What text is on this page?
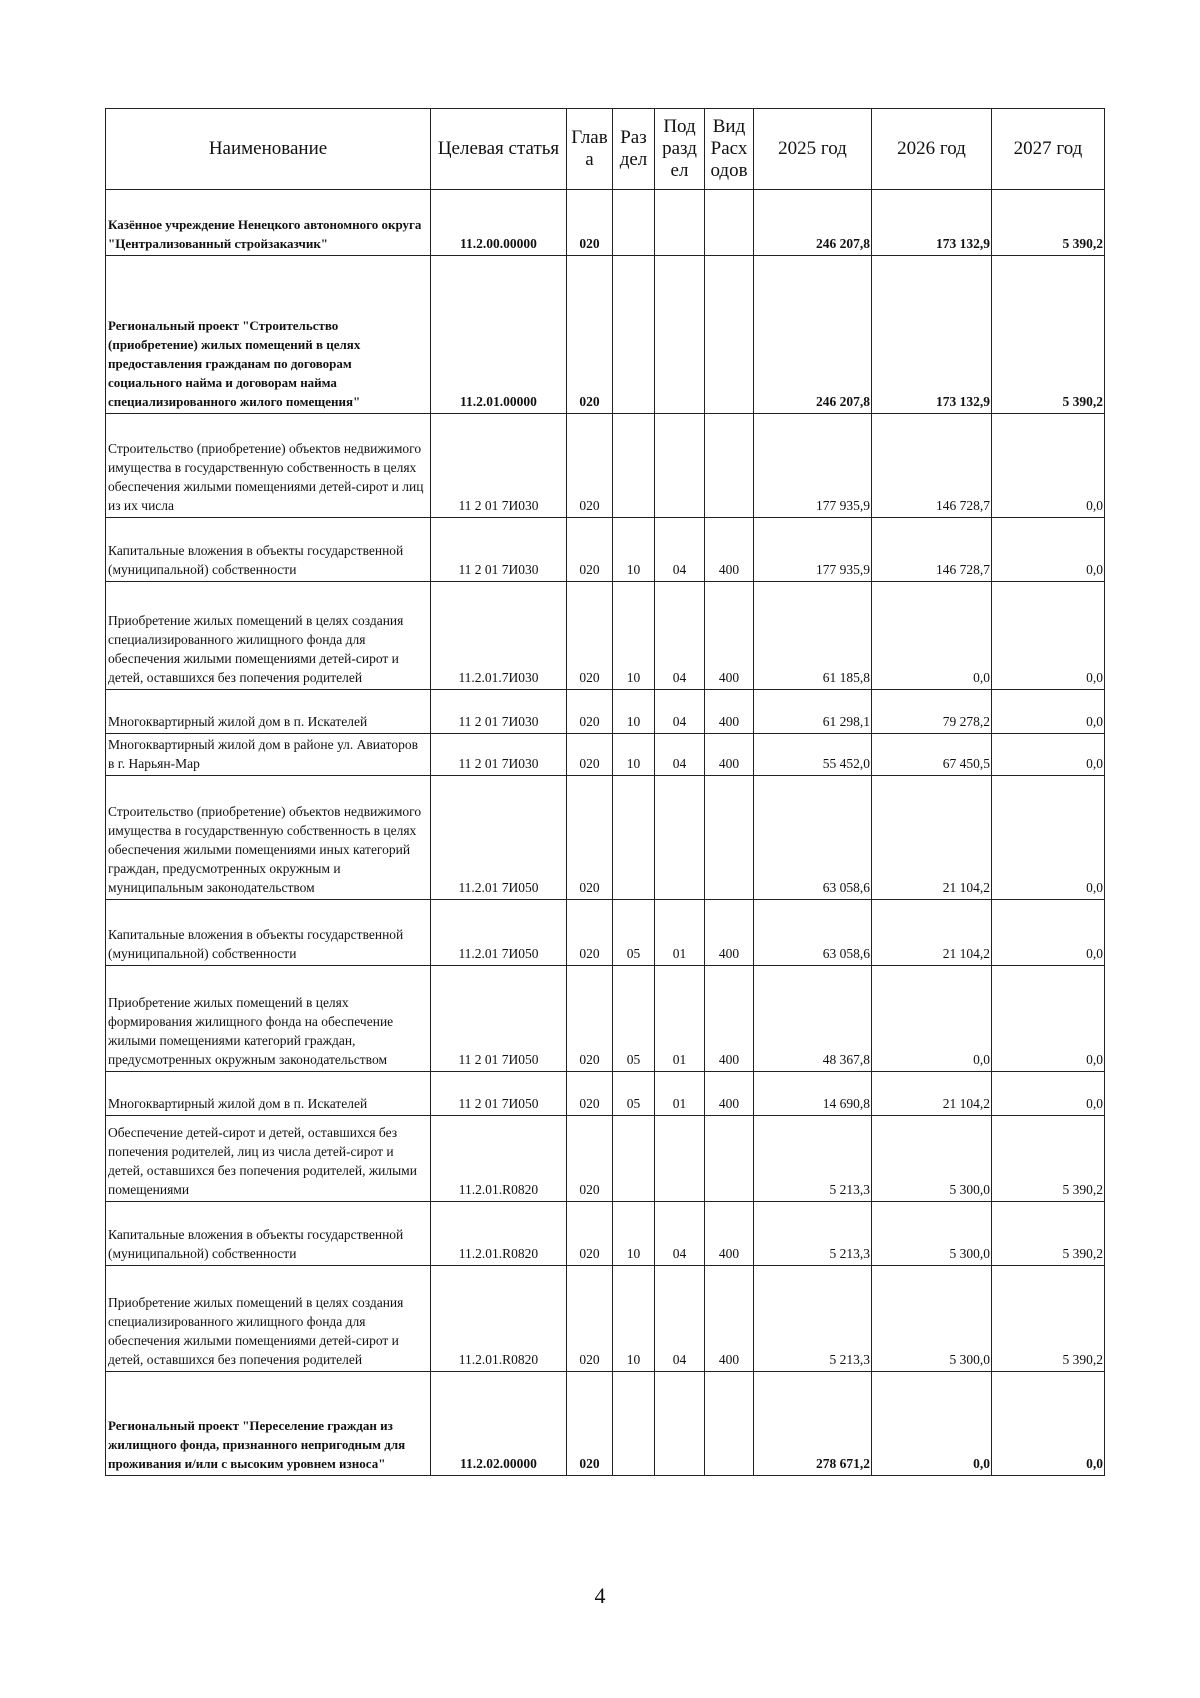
Наименование	Целевая статья	Глав а	Раз дел	Под разд ел	Вид Расх одов	2025 год	2026 год	2027 год
Казённое учреждение Ненецкого автономного округа "Централизованный стройзаказчик"	11.2.00.00000	020				246 207,8	173 132,9	5 390,2
Региональный проект "Строительство (приобретение) жилых помещений в целях предоставления гражданам по договорам социального найма и договорам найма специализированного жилого помещения"	11.2.01.00000	020				246 207,8	173 132,9	5 390,2
Строительство (приобретение) объектов недвижимого имущества в государственную собственность в целях обеспечения жилыми помещениями детей-сирот и лиц из их числа	11 2 01 7И030	020				177 935,9	146 728,7	0,0
Капитальные вложения в объекты государственной (муниципальной) собственности	11 2 01 7И030	020	10	04	400	177 935,9	146 728,7	0,0
Приобретение жилых помещений в целях создания специализированного жилищного фонда для обеспечения жилыми помещениями детей-сирот и детей, оставшихся без попечения родителей	11.2.01.7И030	020	10	04	400	61 185,8	0,0	0,0
Многоквартирный жилой дом в п. Искателей	11 2 01 7И030	020	10	04	400	61 298,1	79 278,2	0,0
Многоквартирный жилой дом в районе ул. Авиаторов в г. Нарьян-Мар	11 2 01 7И030	020	10	04	400	55 452,0	67 450,5	0,0
Строительство (приобретение) объектов недвижимого имущества в государственную собственность в целях обеспечения жилыми помещениями иных категорий граждан, предусмотренных окружным и муниципальным законодательством	11.2.01 7И050	020				63 058,6	21 104,2	0,0
Капитальные вложения в объекты государственной (муниципальной) собственности	11.2.01 7И050	020	05	01	400	63 058,6	21 104,2	0,0
Приобретение жилых помещений в целях формирования жилищного фонда на обеспечение жилыми помещениями категорий граждан, предусмотренных окружным законодательством	11 2 01 7И050	020	05	01	400	48 367,8	0,0	0,0
Многоквартирный жилой дом в п. Искателей	11 2 01 7И050	020	05	01	400	14 690,8	21 104,2	0,0
Обеспечение детей-сирот и детей, оставшихся без попечения родителей, лиц из числа детей-сирот и детей, оставшихся без попечения родителей, жилыми помещениями	11.2.01.R0820	020				5 213,3	5 300,0	5 390,2
Капитальные вложения в объекты государственной (муниципальной) собственности	11.2.01.R0820	020	10	04	400	5 213,3	5 300,0	5 390,2
Приобретение жилых помещений в целях создания специализированного жилищного фонда для обеспечения жилыми помещениями детей-сирот и детей, оставшихся без попечения родителей	11.2.01.R0820	020	10	04	400	5 213,3	5 300,0	5 390,2
Региональный проект "Переселение граждан из жилищного фонда, признанного непригодным для проживания и/или с высоким уровнем износа"	11.2.02.00000	020				278 671,2	0,0	0,0
4
